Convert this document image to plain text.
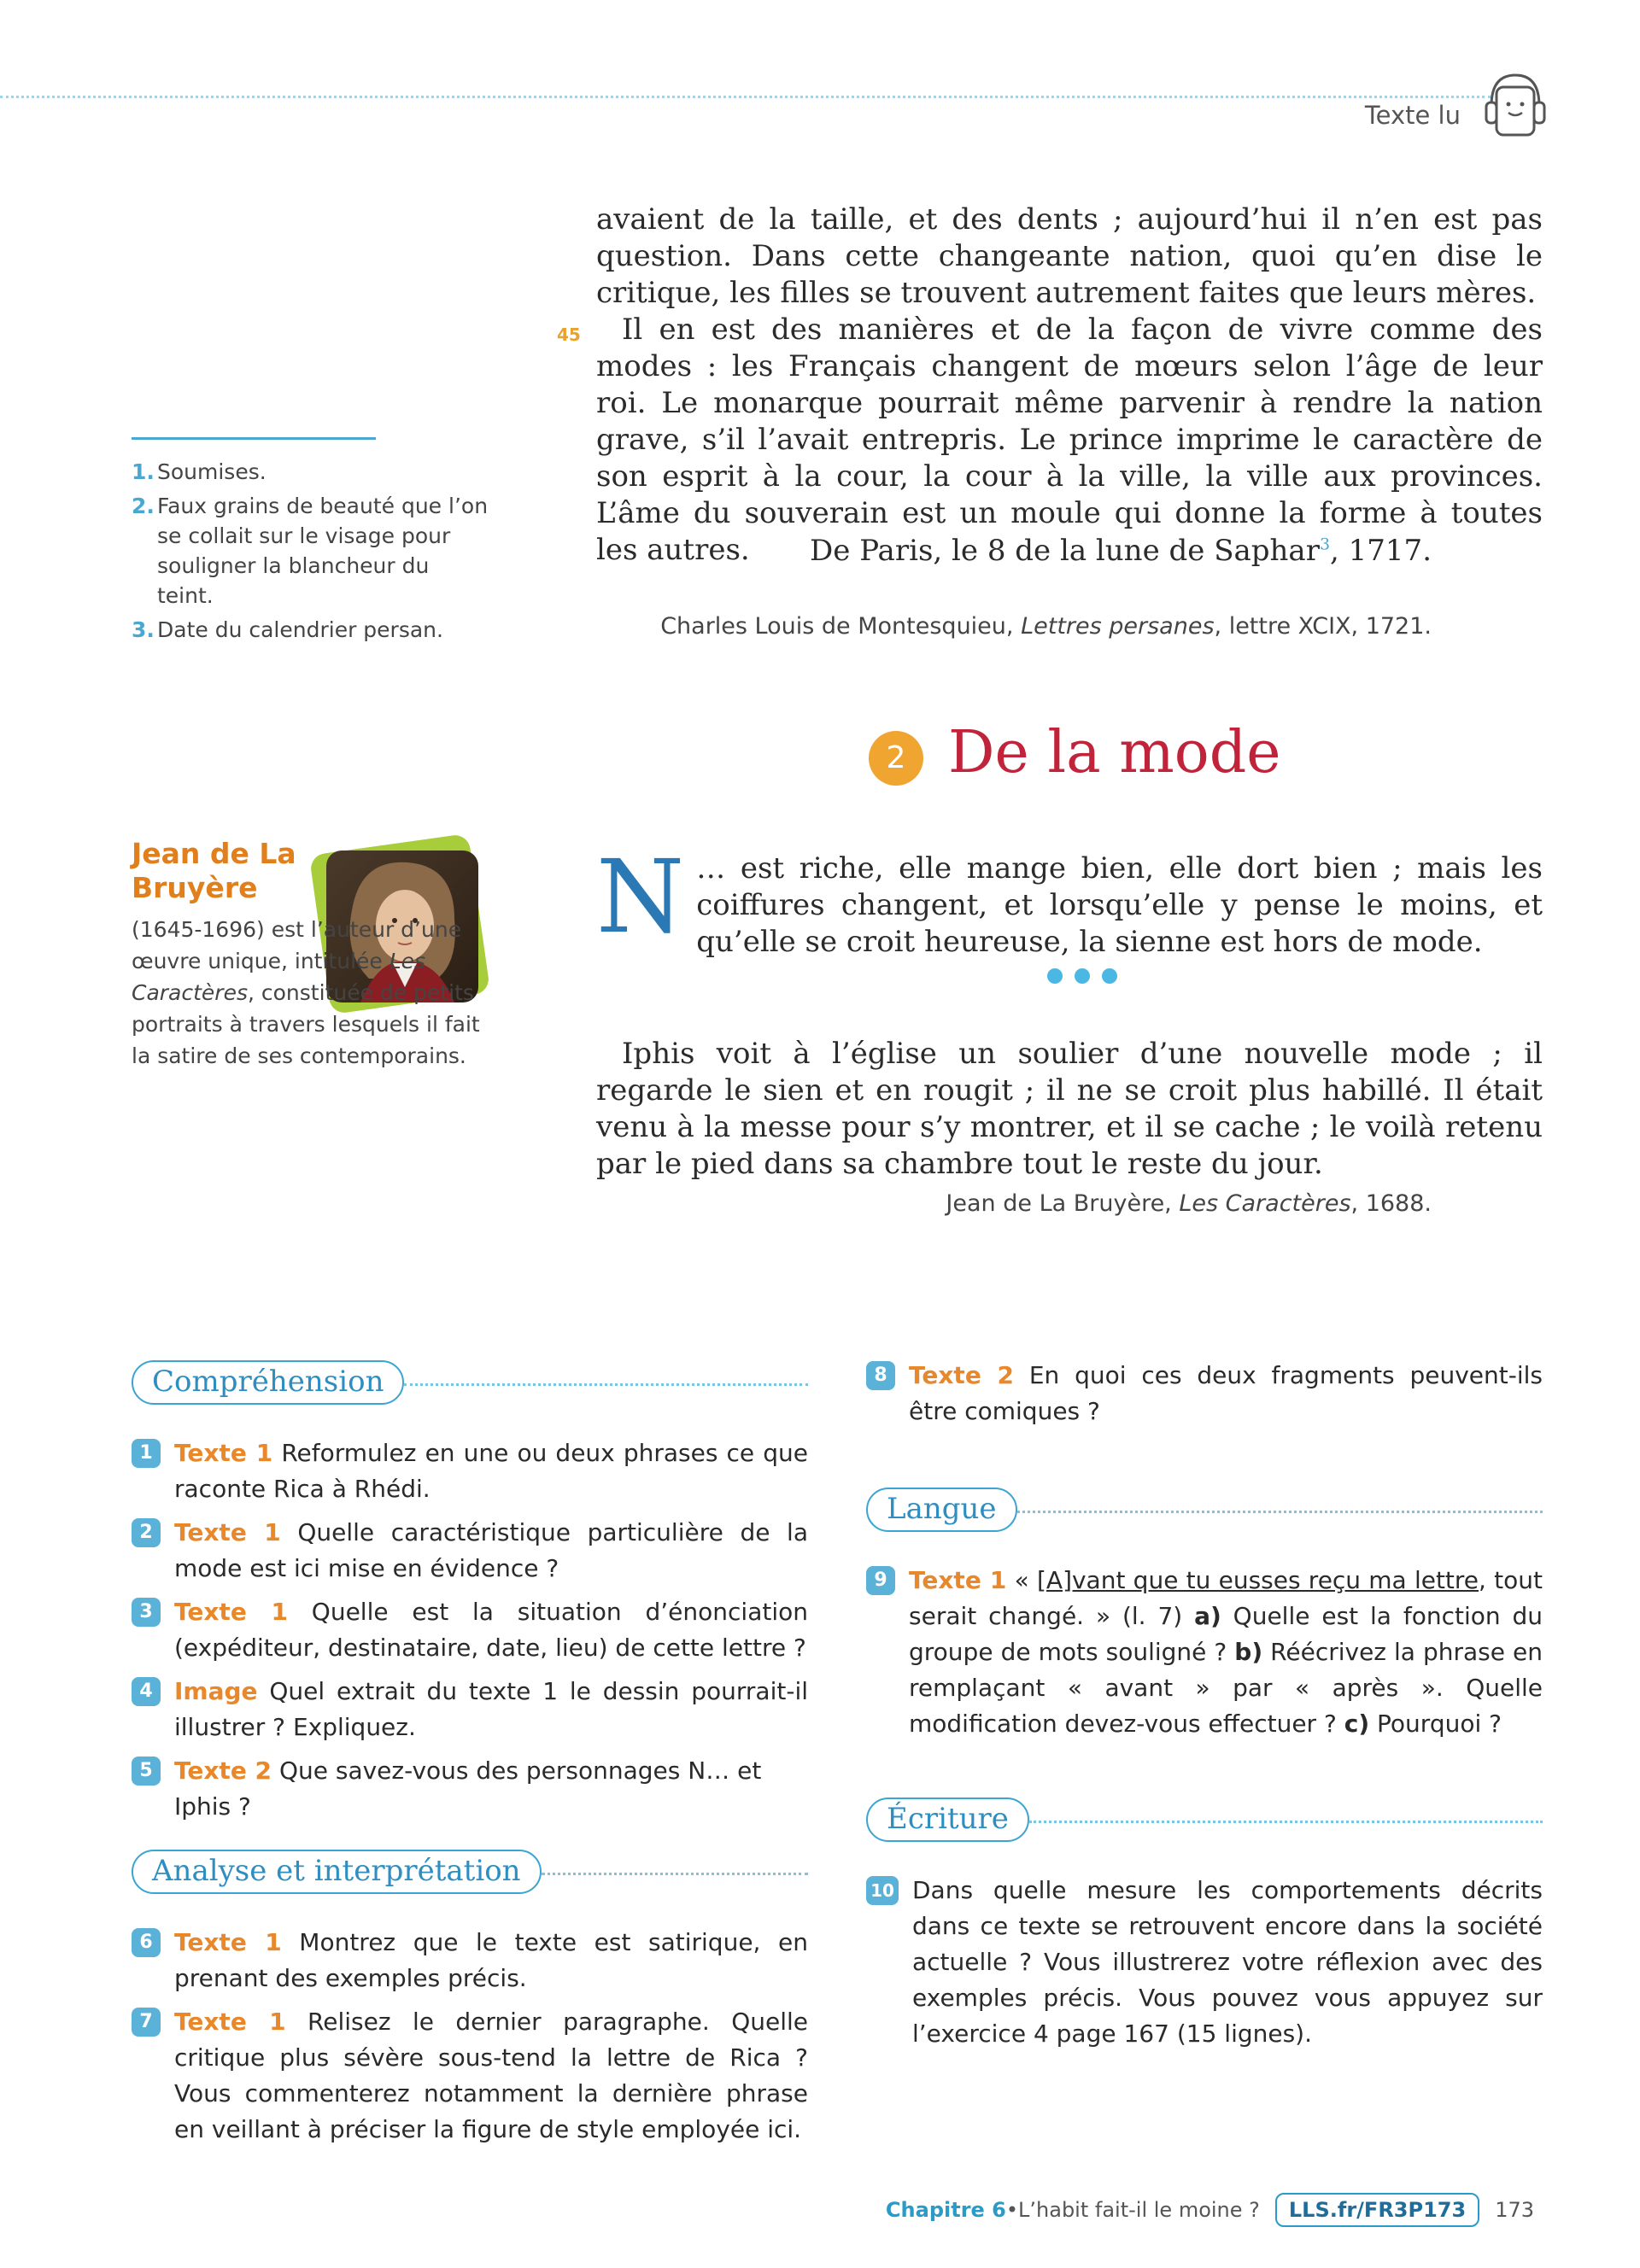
Texte lu
avaient de la taille, et des dents ; aujourd’hui il n’en est pas question. Dans cette changeante nation, quoi qu’en dise le critique, les filles se trouvent autrement faites que leurs mères.
45	Il en est des manières et de la façon de vivre comme des modes : les Français changent de mœurs selon l’âge de leur roi. Le monarque pourrait même parvenir à rendre la nation grave, s’il l’avait entrepris. Le prince imprime le caractère de son esprit à la cour, la cour à la ville, la ville aux provinces. L’âme du souverain est un moule qui donne la forme à toutes les autres.	De Paris, le 8 de la lune de Saphar$^3$, 1717.
Charles Louis de Montesquieu, Lettres persanes, lettre XCIX, 1721.
1. Soumises.
2. Faux grains de beauté que l’on se collait sur le visage pour souligner la blancheur du teint.
3. Date du calendrier persan.
2 De la mode
Jean de La Bruyère
(1645-1696) est l’auteur d’une œuvre unique, intitulée Les Caractères, constituée de petits portraits à travers lesquels il fait la satire de ses contemporains.
N … est riche, elle mange bien, elle dort bien ; mais les coiffures changent, et lorsqu’elle y pense le moins, et qu’elle se croit heureuse, la sienne est hors de mode.
Iphis voit à l’église un soulier d’une nouvelle mode ; il regarde le sien et en rougit ; il ne se croit plus habillé. Il était venu à la messe pour s’y montrer, et il se cache ; le voilà retenu par le pied dans sa chambre tout le reste du jour.
Jean de La Bruyère, Les Caractères, 1688.
Compréhension
1 Texte 1 Reformulez en une ou deux phrases ce que raconte Rica à Rhédi.
2 Texte 1 Quelle caractéristique particulière de la mode est ici mise en évidence ?
3 Texte 1 Quelle est la situation d’énonciation (expéditeur, destinataire, date, lieu) de cette lettre ?
4 Image Quel extrait du texte 1 le dessin pourrait-il illustrer ? Expliquez.
5 Texte 2 Que savez-vous des personnages N… et Iphis ?
Analyse et interprétation
6 Texte 1 Montrez que le texte est satirique, en prenant des exemples précis.
7 Texte 1 Relisez le dernier paragraphe. Quelle critique plus sévère sous-tend la lettre de Rica ? Vous commenterez notamment la dernière phrase en veillant à préciser la figure de style employée ici.
8 Texte 2 En quoi ces deux fragments peuvent-ils être comiques ?
Langue
9 Texte 1 « [A]vant que tu eusses reçu ma lettre, tout serait changé. » (l. 7) a) Quelle est la fonction du groupe de mots souligné ? b) Réécrivez la phrase en remplaçant « avant » par « après ». Quelle modification devez-vous effectuer ? c) Pourquoi ?
Écriture
10 Dans quelle mesure les comportements décrits dans ce texte se retrouvent encore dans la société actuelle ? Vous illustrerez votre réflexion avec des exemples précis. Vous pouvez vous appuyez sur l’exercice 4 page 167 (15 lignes).
Chapitre 6 • L’habit fait-il le moine ?	LLS.fr/FR3P173	173
